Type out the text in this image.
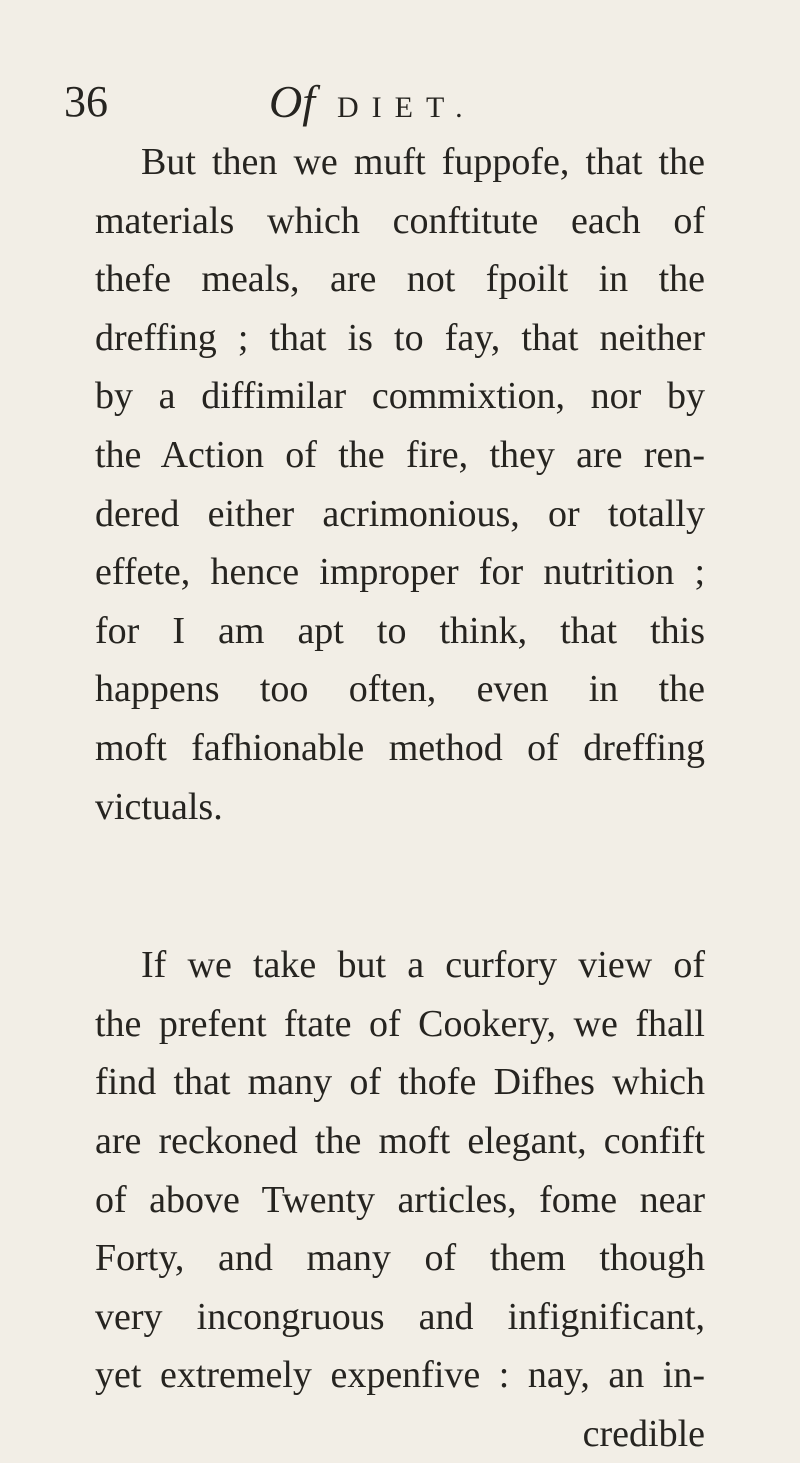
36	Of DIET.
But then we muft fuppofe, that the
materials which conftitute each of
thefe meals, are not fpoilt in the
dreffing ; that is to fay, that neither
by a diffimilar commixtion, nor by
the Action of the fire, they are ren-
dered either acrimonious, or totally
effete, hence improper for nutrition ;
for I am apt to think, that this
happens too often, even in the
moft fafhionable method of dreffing
victuals.
If we take but a curfory view of
the prefent ftate of Cookery, we fhall
find that many of thofe Difhes which
are reckoned the moft elegant, confift
of above Twenty articles, fome near
Forty, and many of them though
very incongruous and infignificant,
yet extremely expenfive : nay, an in-
credible
